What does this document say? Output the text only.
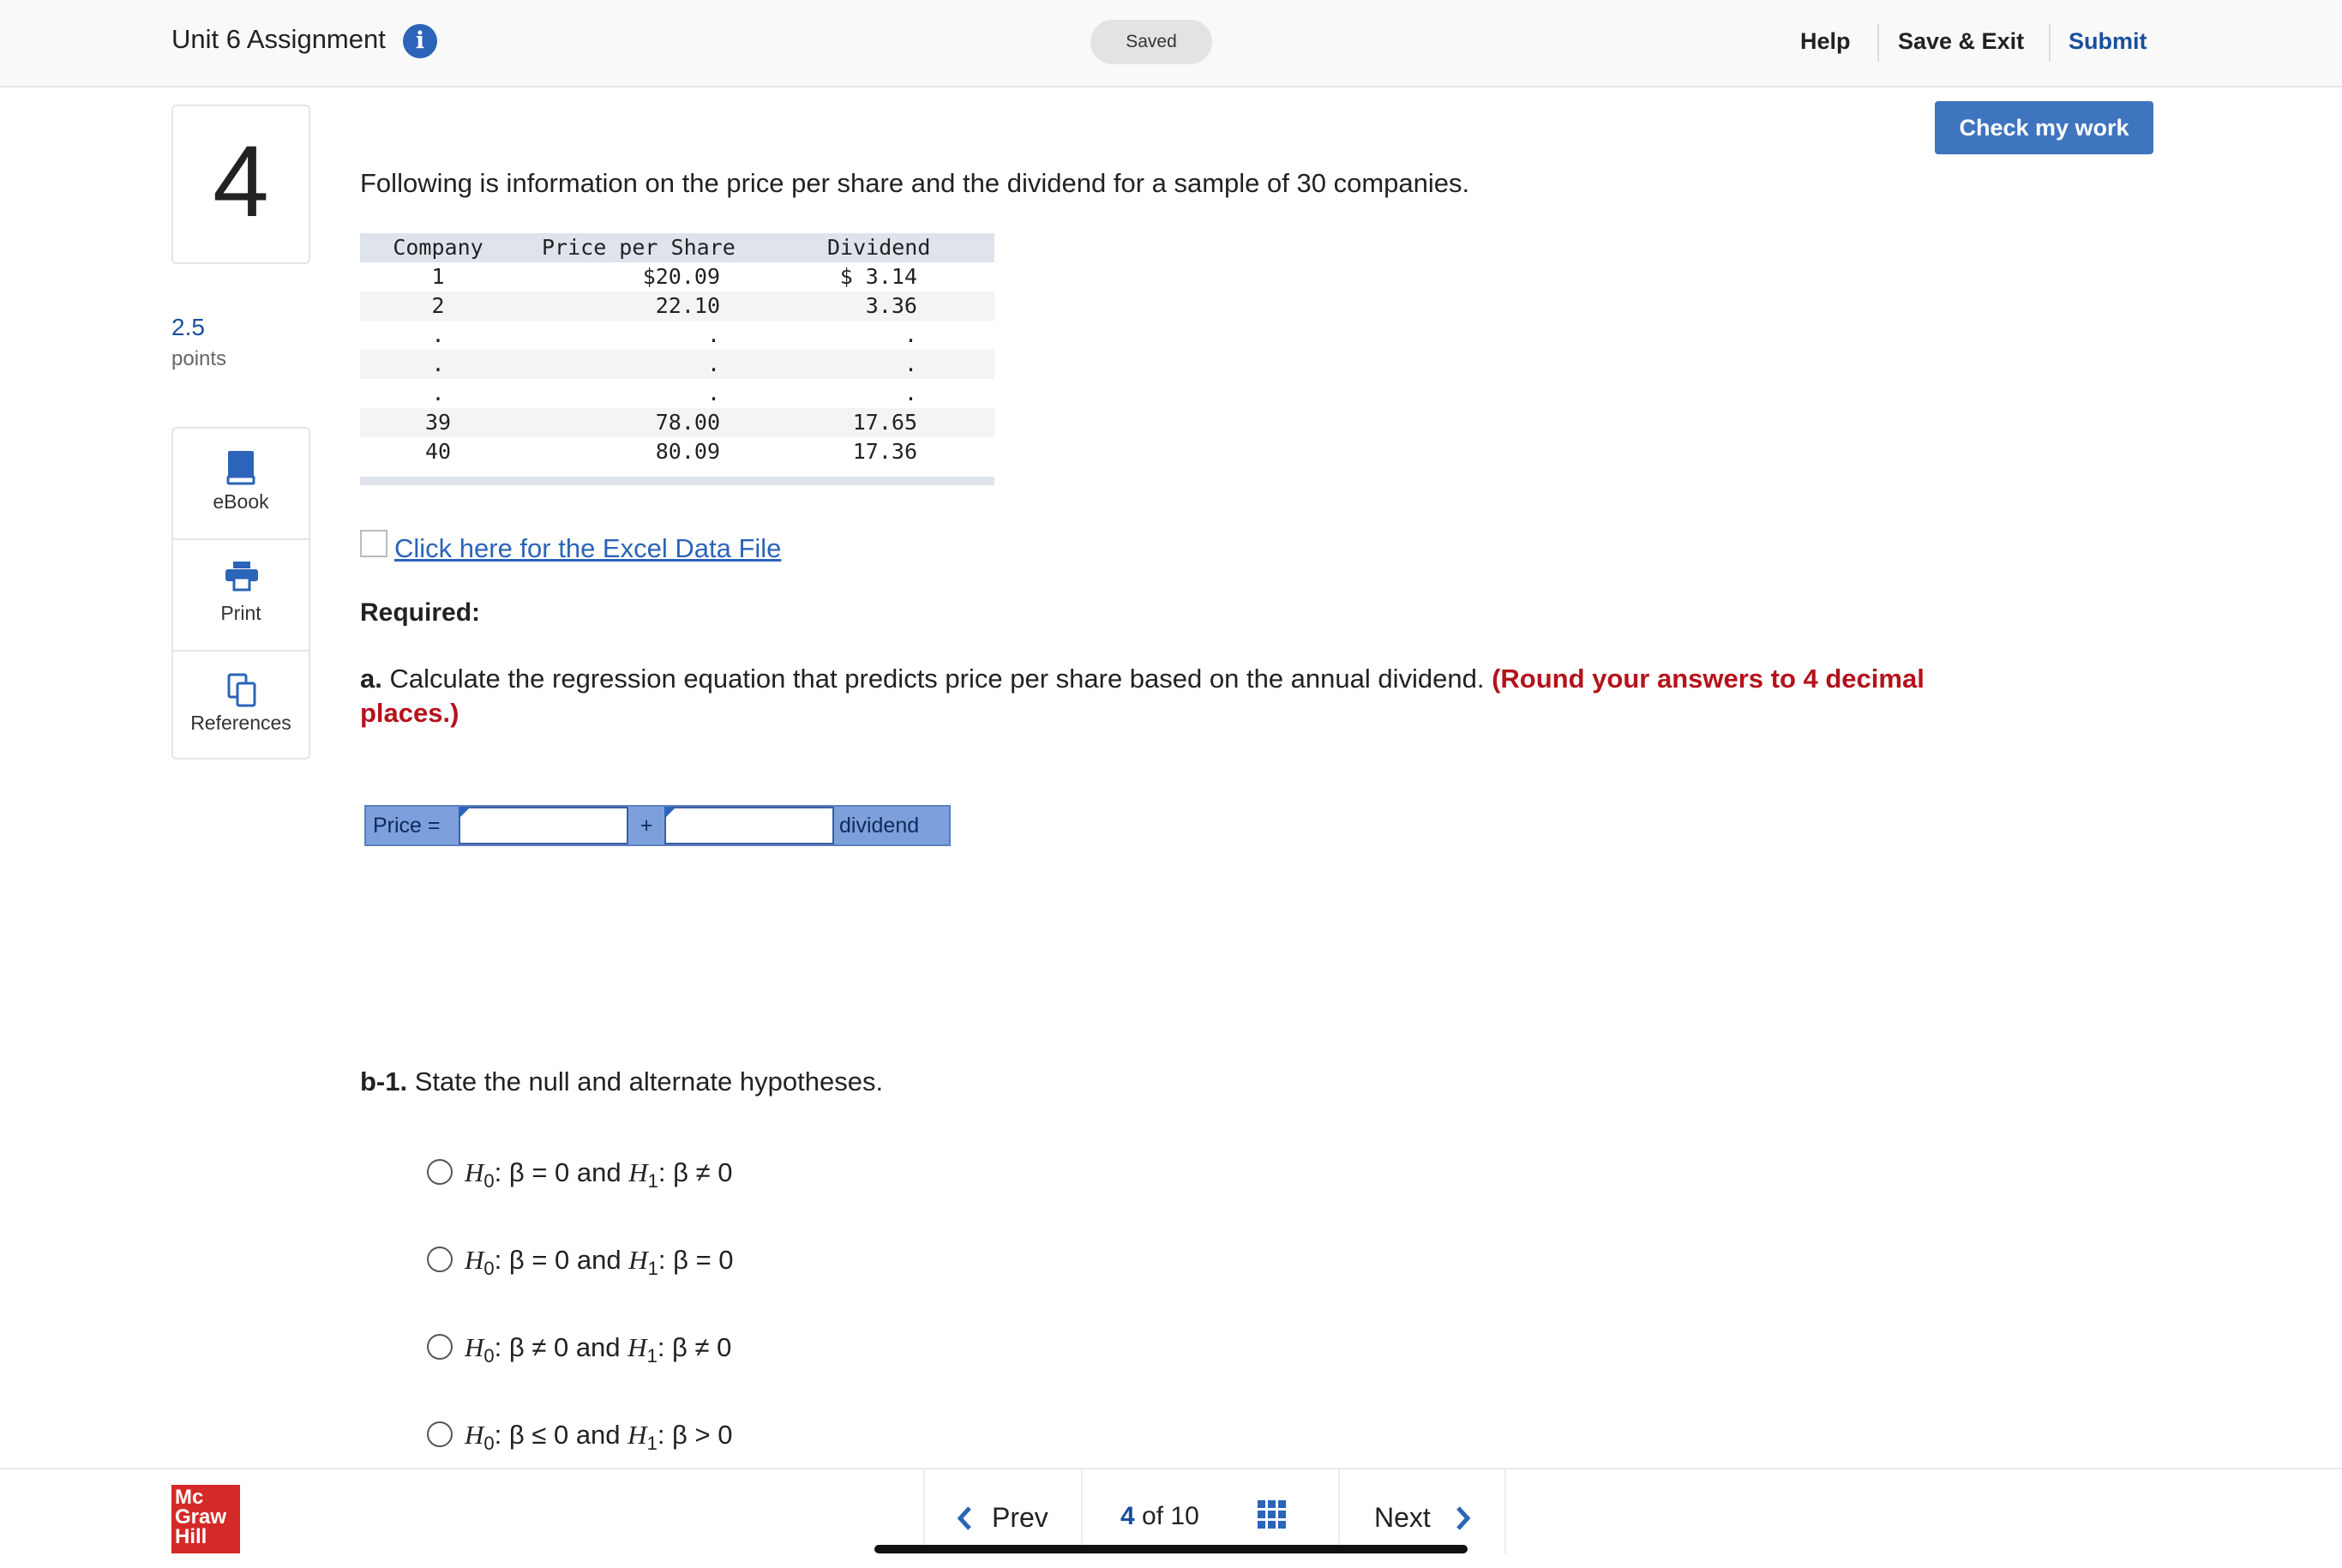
Unit 6 Assignment	i	Saved	Help Save & Exit Submit
Check my work
4
2.5
points
eBook
Print
References
Following is information on the price per share and the dividend for a sample of 30 companies.
Company	Price per Share	Dividend
1	$20.09	$ 3.14
2	22.10	3.36
.	.	.
.	.	.
.	.	.
39	78.00	17.65
40	80.09	17.36
Click here for the Excel Data File
Required:
a. Calculate the regression equation that predicts price per share based on the annual dividend. (Round your answers to 4 decimal places.)
Price =	+	dividend
b-1. State the null and alternate hypotheses.
$H_0$: β = 0 and $H_1$: β ≠ 0
$H_0$: β = 0 and $H_1$: β = 0
$H_0$: β ≠ 0 and $H_1$: β ≠ 0
$H_0$: β ≤ 0 and $H_1$: β > 0
Mc
Graw
Hill
Prev	4 of 10	Next
